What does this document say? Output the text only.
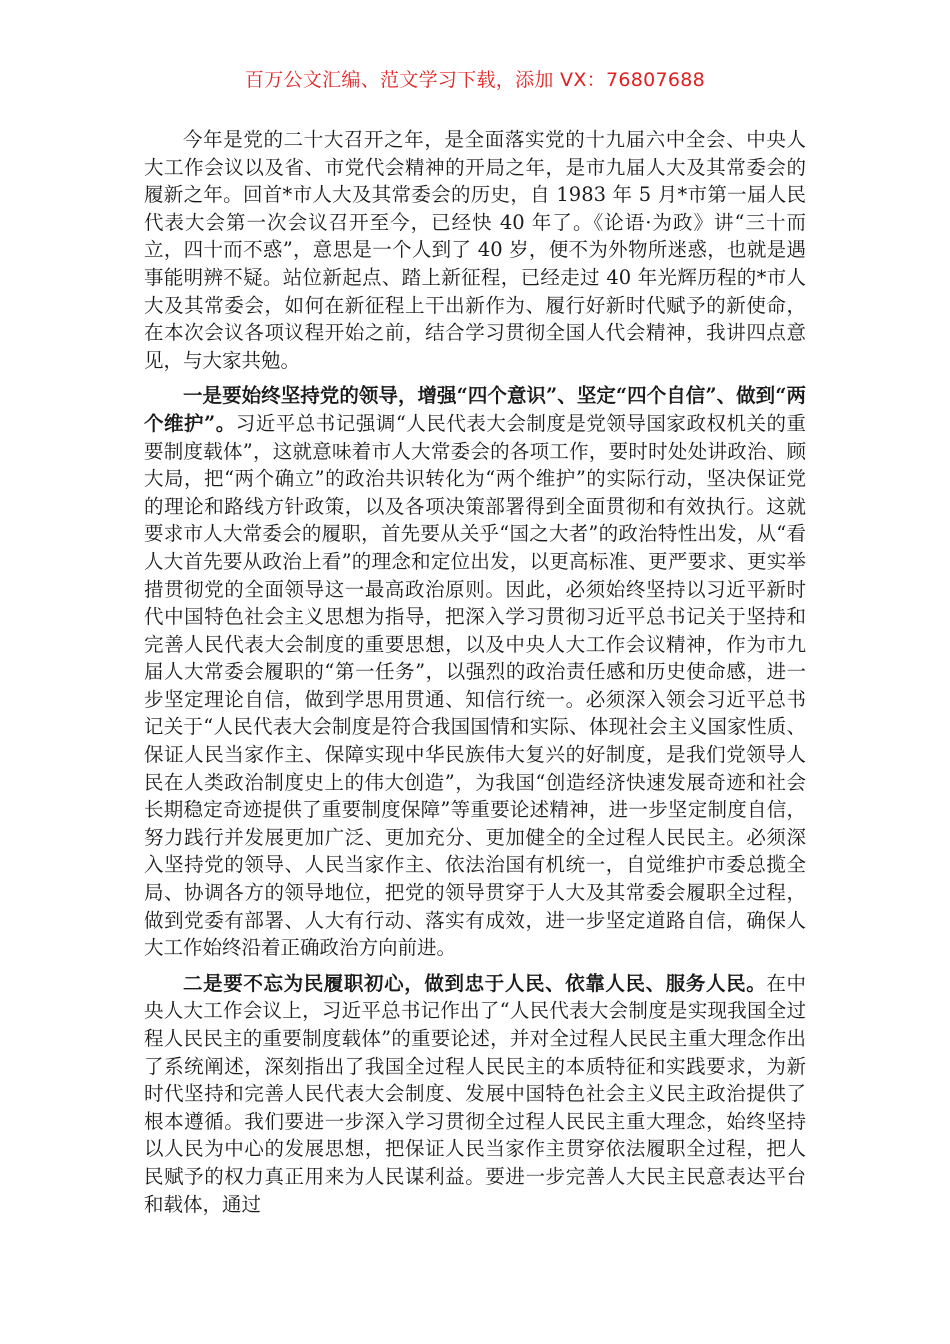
百万公文汇编、范文学习下载，添加 VX：76807688

今年是党的二十大召开之年，是全面落实党的十九届六中全会、中央人大工作会议以及省、市党代会精神的开局之年，是市九届人大及其常委会的履新之年。回首*市人大及其常委会的历史，自 1983 年 5 月*市第一届人民代表大会第一次会议召开至今，已经快 40 年了。《论语·为政》讲“三十而立，四十而不惑”，意思是一个人到了 40 岁，便不为外物所迷惑，也就是遇事能明辨不疑。站位新起点、踏上新征程，已经走过 40 年光辉历程的*市人大及其常委会，如何在新征程上干出新作为、履行好新时代赋予的新使命，在本次会议各项议程开始之前，结合学习贯彻全国人代会精神，我讲四点意见，与大家共勉。

一是要始终坚持党的领导，增强“四个意识”、坚定“四个自信”、做到“两个维护”。习近平总书记强调“人民代表大会制度是党领导国家政权机关的重要制度载体”，这就意味着市人大常委会的各项工作，要时时处处讲政治、顾大局，把“两个确立”的政治共识转化为“两个维护”的实际行动，坚决保证党的理论和路线方针政策，以及各项决策部署得到全面贯彻和有效执行。这就要求市人大常委会的履职，首先要从关乎“国之大者”的政治特性出发，从“看人大首先要从政治上看”的理念和定位出发，以更高标准、更严要求、更实举措贯彻党的全面领导这一最高政治原则。因此，必须始终坚持以习近平新时代中国特色社会主义思想为指导，把深入学习贯彻习近平总书记关于坚持和完善人民代表大会制度的重要思想，以及中央人大工作会议精神，作为市九届人大常委会履职的“第一任务”，以强烈的政治责任感和历史使命感，进一步坚定理论自信，做到学思用贯通、知信行统一。必须深入领会习近平总书记关于“人民代表大会制度是符合我国国情和实际、体现社会主义国家性质、保证人民当家作主、保障实现中华民族伟大复兴的好制度，是我们党领导人民在人类政治制度史上的伟大创造”，为我国“创造经济快速发展奇迹和社会长期稳定奇迹提供了重要制度保障”等重要论述精神，进一步坚定制度自信，努力践行并发展更加广泛、更加充分、更加健全的全过程人民民主。必须深入坚持党的领导、人民当家作主、依法治国有机统一，自觉维护市委总揽全局、协调各方的领导地位，把党的领导贯穿于人大及其常委会履职全过程，做到党委有部署、人大有行动、落实有成效，进一步坚定道路自信，确保人大工作始终沿着正确政治方向前进。

二是要不忘为民履职初心，做到忠于人民、依靠人民、服务人民。在中央人大工作会议上，习近平总书记作出了“人民代表大会制度是实现我国全过程人民民主的重要制度载体”的重要论述，并对全过程人民民主重大理念作出了系统阐述，深刻指出了我国全过程人民民主的本质特征和实践要求，为新时代坚持和完善人民代表大会制度、发展中国特色社会主义民主政治提供了根本遵循。我们要进一步深入学习贯彻全过程人民民主重大理念，始终坚持以人民为中心的发展思想，把保证人民当家作主贯穿依法履职全过程，把人民赋予的权力真正用来为人民谋利益。要进一步完善人大民主民意表达平台和载体，通过
